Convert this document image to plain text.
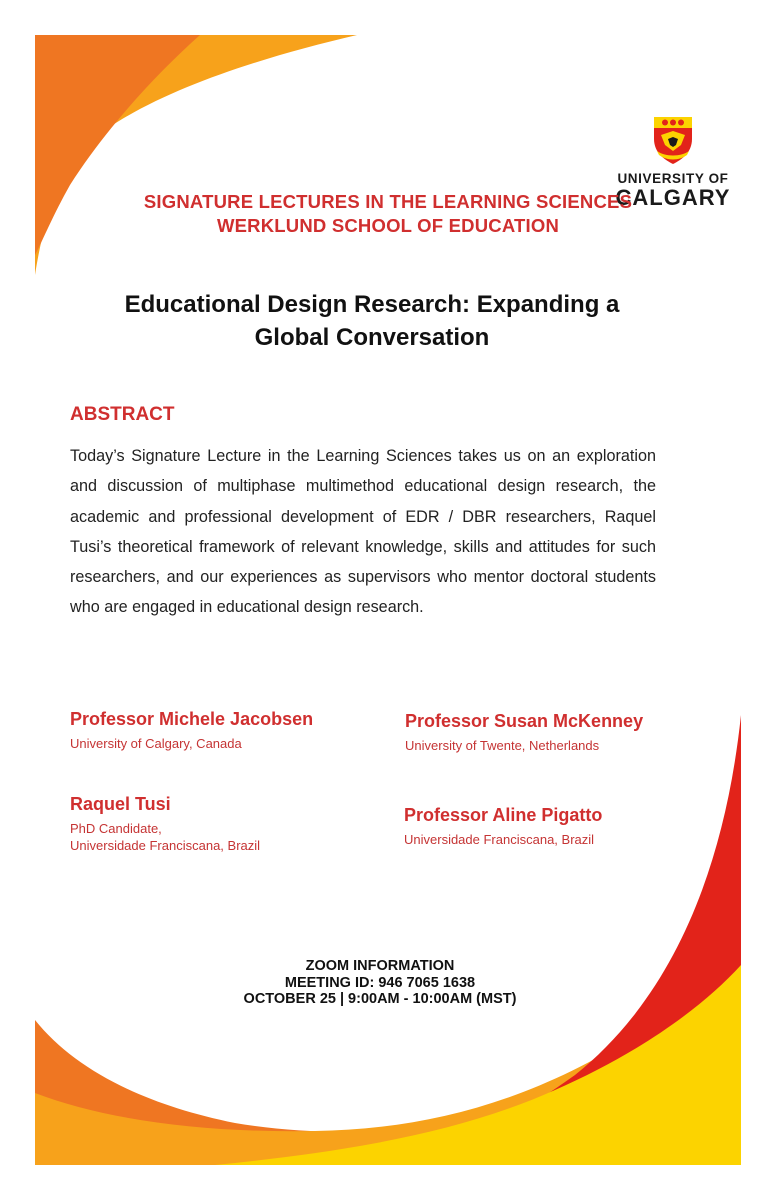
UNIVERSITY OF
CALGARY
SIGNATURE LECTURES IN THE LEARNING SCIENCES
WERKLUND SCHOOL OF EDUCATION
Educational Design Research: Expanding a
Global Conversation
ABSTRACT

Today’s Signature Lecture in the Learning Sciences takes us on an exploration and discussion of multiphase multimethod educational design research, the academic and professional development of EDR / DBR researchers, Raquel Tusi’s theoretical framework of relevant knowledge, skills and attitudes for such researchers, and our experiences as supervisors who mentor doctoral students who are engaged in educational design research.

Professor Michele Jacobsen
University of Calgary, Canada
Professor Susan McKenney
University of Twente, Netherlands
Raquel Tusi
PhD Candidate,
Universidade Franciscana, Brazil
Professor Aline Pigatto
Universidade Franciscana, Brazil
ZOOM INFORMATION
MEETING ID: 946 7065 1638
OCTOBER 25 | 9:00AM - 10:00AM (MST)
